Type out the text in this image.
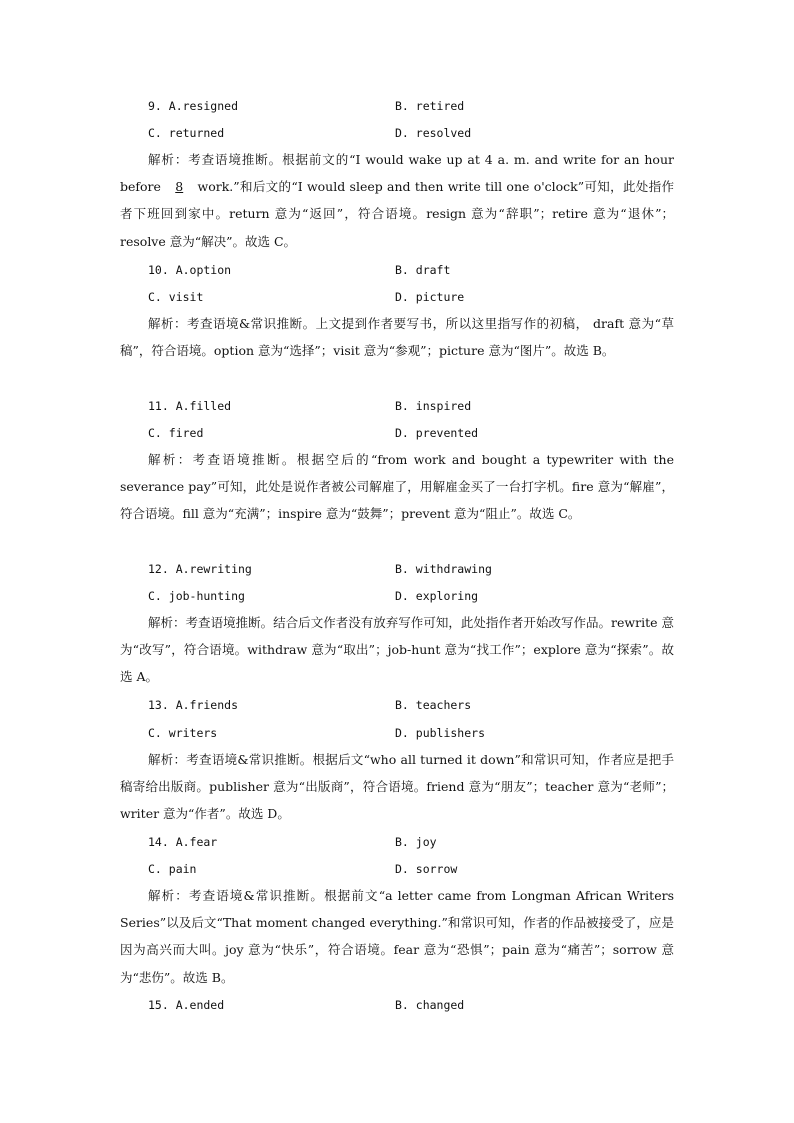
9. A.resigned	B. retired
C. returned	D. resolved

解析：考查语境推断。根据前文的“I would wake up at 4 a. m. and write for an hour before 8 work.”和后文的“I would sleep and then write till one o'clock”可知，此处指作者下班回到家中。return 意为“返回”，符合语境。resign 意为“辞职”；retire 意为“退休”；resolve 意为“解决”。故选 C。

10. A.option	B. draft
C. visit	D. picture

解析：考查语境&常识推断。上文提到作者要写书，所以这里指写作的初稿， draft 意为“草稿”，符合语境。option 意为“选择”；visit 意为“参观”；picture 意为“图片”。故选 B。

11. A.filled	B. inspired
C. fired	D. prevented

解析：考查语境推断。根据空后的“from work and bought a typewriter with the severance pay”可知，此处是说作者被公司解雇了，用解雇金买了一台打字机。fire 意为“解雇”，符合语境。fill 意为“充满”；inspire 意为“鼓舞”；prevent 意为“阻止”。故选 C。

12. A.rewriting	B. withdrawing
C. job-hunting	D. exploring

解析：考查语境推断。结合后文作者没有放弃写作可知，此处指作者开始改写作品。rewrite 意为“改写”，符合语境。withdraw 意为“取出”；job-hunt 意为“找工作”；explore 意为“探索”。故选 A。

13. A.friends	B. teachers
C. writers	D. publishers

解析：考查语境&常识推断。根据后文“who all turned it down”和常识可知，作者应是把手稿寄给出版商。publisher 意为“出版商”，符合语境。friend 意为“朋友”；teacher 意为“老师”；writer 意为“作者”。故选 D。

14. A.fear	B. joy
C. pain	D. sorrow

解析：考查语境&常识推断。根据前文“a letter came from Longman African Writers Series”以及后文“That moment changed everything.”和常识可知，作者的作品被接受了，应是因为高兴而大叫。joy 意为“快乐”，符合语境。fear 意为“恐惧”；pain 意为“痛苦”；sorrow 意为“悲伤”。故选 B。

15. A.ended	B. changed
